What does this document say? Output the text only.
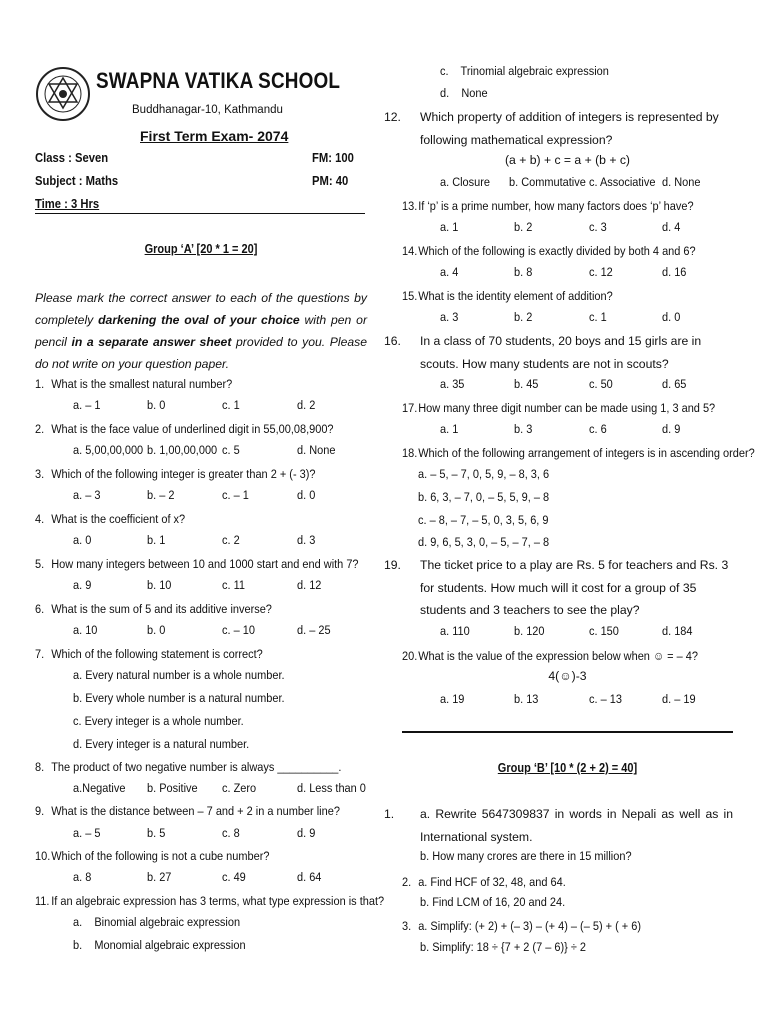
SWAPNA VATIKA SCHOOL
Buddhanagar-10, Kathmandu
First Term Exam- 2074
Class : Seven	FM: 100
Subject : Maths	PM: 40
Time : 3 Hrs
Group ‘A’ [20 * 1 = 20]
Please mark the correct answer to each of the questions by completely darkening the oval of your choice with pen or pencil in a separate answer sheet provided to you. Please do not write on your question paper.
1. What is the smallest natural number?
a. – 1	b. 0	c. 1	d. 2
2. What is the face value of underlined digit in 55,00,08,900?
a. 5,00,00,000 b. 1,00,00,000 c. 5	d. None
3. Which of the following integer is greater than 2 + (- 3)?
a. – 3	b. – 2	c. – 1	d. 0
4. What is the coefficient of x?
a. 0	b. 1	c. 2	d. 3
5. How many integers between 10 and 1000 start and end with 7?
a. 9	b. 10	c. 11	d. 12
6. What is the sum of 5 and its additive inverse?
a. 10	b. 0	c. – 10	d. – 25
7. Which of the following statement is correct?
a. Every natural number is a whole number.
b. Every whole number is a natural number.
c. Every integer is a whole number.
d. Every integer is a natural number.
8. The product of two negative number is always __________.
a.Negative b. Positive c. Zero	d. Less than 0
9. What is the distance between – 7 and + 2 in a number line?
a. – 5	b. 5	c. 8	d. 9
10.Which of the following is not a cube number?
a. 8	b. 27	c. 49	d. 64
11. If an algebraic expression has 3 terms, what type expression is that?
a.    Binomial algebraic expression
b.    Monomial algebraic expression
c.    Trinomial algebraic expression
d.    None
12. Which property of addition of integers is represented by following mathematical expression?
(a + b) + c = a + (b + c)
a. Closure b. Commutative c. Associative d. None
13.If ‘p’ is a prime number, how many factors does ‘p’ have?
a. 1	b. 2	c. 3	d. 4
14.Which of the following is exactly divided by both 4 and 6?
a. 4	b. 8	c. 12	d. 16
15.What is the identity element of addition?
a. 3	b. 2	c. 1	d. 0
16. In a class of 70 students, 20 boys and 15 girls are in scouts. How many students are not in scouts?
a. 35	b. 45	c. 50	d. 65
17.How many three digit number can be made using 1, 3 and 5?
a. 1	b. 3	c. 6	d. 9
18.Which of the following arrangement of integers is in ascending order?
a. – 5, – 7, 0, 5, 9, – 8, 3, 6
b. 6, 3, – 7, 0, – 5, 5, 9, – 8
c. – 8, – 7, – 5, 0, 3, 5, 6, 9
d. 9, 6, 5, 3, 0, – 5, – 7, – 8
19. The ticket price to a play are Rs. 5 for teachers and Rs. 3 for students. How much will it cost for a group of 35 students and 3 teachers to see the play?
a. 110	b. 120	c. 150	d. 184
20.What is the value of the expression below when ☺ = – 4?
4(☺)-3
a. 19	b. 13	c. – 13	d. – 19
Group ‘B’ [10 * (2 + 2) = 40]
1. a. Rewrite 5647309837 in words in Nepali as well as in International system.
b. How many crores are there in 15 million?
2. a. Find HCF of 32, 48, and 64.
b. Find LCM of 16, 20 and 24.
3. a. Simplify: (+ 2) + (– 3) – (+ 4) – (– 5) + ( + 6)
b. Simplify: 18 ÷ {7 + 2 (7 – 6)} ÷ 2
